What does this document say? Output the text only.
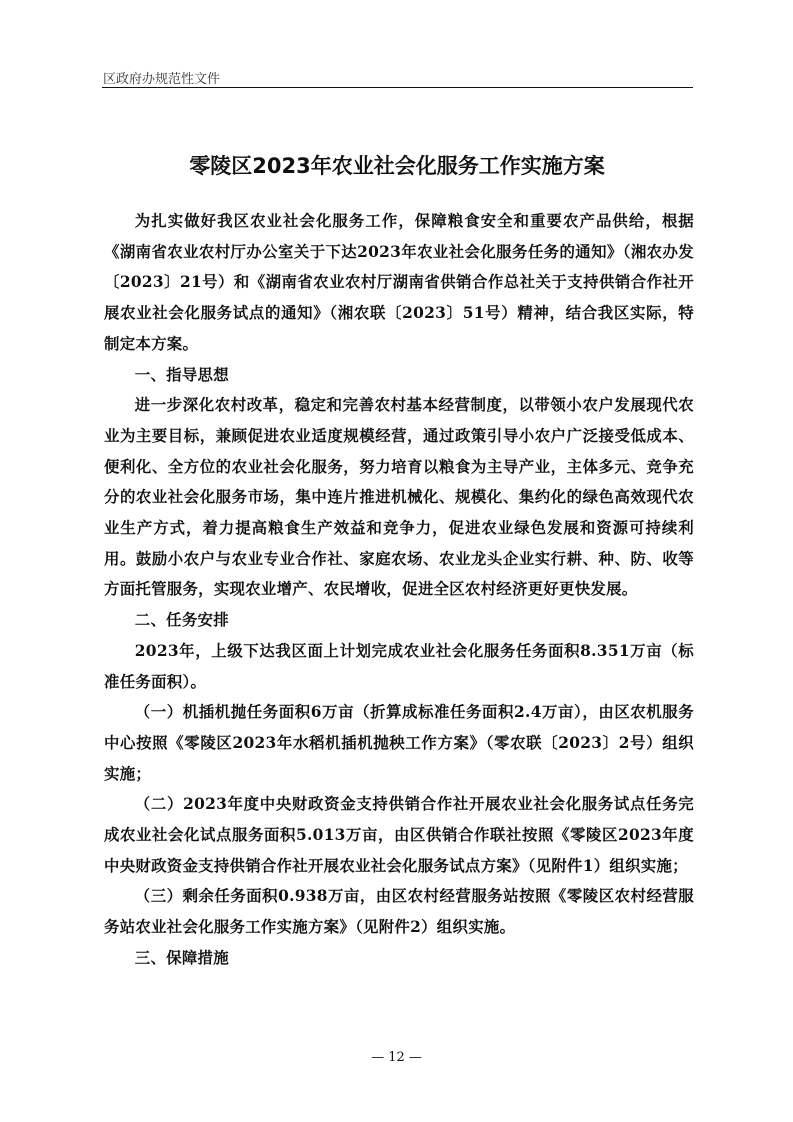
区政府办规范性文件
零陵区2023年农业社会化服务工作实施方案

为扎实做好我区农业社会化服务工作，保障粮食安全和重要农产品供给，根据《湖南省农业农村厅办公室关于下达2023年农业社会化服务任务的通知》（湘农办发〔2023〕21号）和《湖南省农业农村厅湖南省供销合作总社关于支持供销合作社开展农业社会化服务试点的通知》（湘农联〔2023〕51号）精神，结合我区实际，特制定本方案。

一、指导思想

进一步深化农村改革，稳定和完善农村基本经营制度，以带领小农户发展现代农业为主要目标，兼顾促进农业适度规模经营，通过政策引导小农户广泛接受低成本、便利化、全方位的农业社会化服务，努力培育以粮食为主导产业，主体多元、竞争充分的农业社会化服务市场，集中连片推进机械化、规模化、集约化的绿色高效现代农业生产方式，着力提高粮食生产效益和竞争力，促进农业绿色发展和资源可持续利用。鼓励小农户与农业专业合作社、家庭农场、农业龙头企业实行耕、种、防、收等方面托管服务，实现农业增产、农民增收，促进全区农村经济更好更快发展。

二、任务安排

2023年，上级下达我区面上计划完成农业社会化服务任务面积8.351万亩（标准任务面积）。

（一）机插机抛任务面积6万亩（折算成标准任务面积2.4万亩），由区农机服务中心按照《零陵区2023年水稻机插机抛秧工作方案》（零农联〔2023〕2号）组织实施；

（二）2023年度中央财政资金支持供销合作社开展农业社会化服务试点任务完成农业社会化试点服务面积5.013万亩，由区供销合作联社按照《零陵区2023年度中央财政资金支持供销合作社开展农业社会化服务试点方案》（见附件1）组织实施；

（三）剩余任务面积0.938万亩，由区农村经营服务站按照《零陵区农村经营服务站农业社会化服务工作实施方案》（见附件2）组织实施。

三、保障措施

— 12 —
